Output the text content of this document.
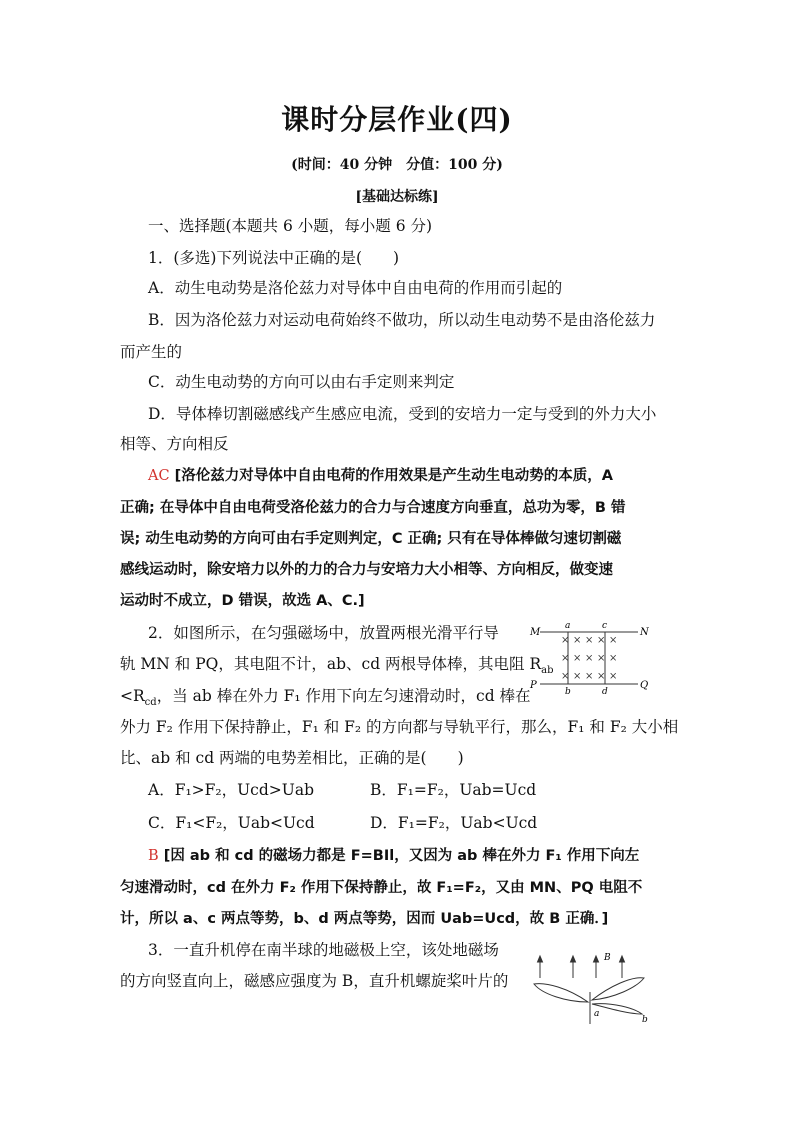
课时分层作业(四)
(时间：40 分钟　分值：100 分)
[基础达标练]
一、选择题(本题共 6 小题，每小题 6 分)
1．(多选)下列说法中正确的是(　　)
A．动生电动势是洛伦兹力对导体中自由电荷的作用而引起的
B．因为洛伦兹力对运动电荷始终不做功，所以动生电动势不是由洛伦兹力
而产生的
C．动生电动势的方向可以由右手定则来判定
D．导体棒切割磁感线产生感应电流，受到的安培力一定与受到的外力大小
相等、方向相反
AC [洛伦兹力对导体中自由电荷的作用效果是产生动生电动势的本质，A
正确; 在导体中自由电荷受洛伦兹力的合力与合速度方向垂直，总功为零，B 错
误; 动生电动势的方向可由右手定则判定，C 正确; 只有在导体棒做匀速切割磁
感线运动时，除安培力以外的力的合力与安培力大小相等、方向相反，做变速
运动时不成立，D 错误，故选 A、C.]
2．如图所示，在匀强磁场中，放置两根光滑平行导
轨 MN 和 PQ，其电阻不计，ab、cd 两根导体棒，其电阻 $R_{ab}$
$<R_{cd}$，当 ab 棒在外力 F₁ 作用下向左匀速滑动时，cd 棒在
外力 F₂ 作用下保持静止，F₁ 和 F₂ 的方向都与导轨平行，那么，F₁ 和 F₂ 大小相
比、ab 和 cd 两端的电势差相比，正确的是(　　)
A．F₁>F₂，Ucd>Uab	B．F₁=F₂，Uab=Ucd
C．F₁<F₂，Uab<Ucd	D．F₁=F₂，Uab<Ucd
B [因 ab 和 cd 的磁场力都是 F=BIl，又因为 ab 棒在外力 F₁ 作用下向左
匀速滑动时，cd 在外力 F₂ 作用下保持静止，故 F₁=F₂，又由 MN、PQ 电阻不
计，所以 a、c 两点等势，b、d 两点等势，因而 Uab=Ucd，故 B 正确．]
3．一直升机停在南半球的地磁极上空，该处地磁场
的方向竖直向上，磁感应强度为 B，直升机螺旋桨叶片的
× × × × ×
× × × × ×
× × × × ×
M	N
P	Q
a	c
b	d
B
a
b
